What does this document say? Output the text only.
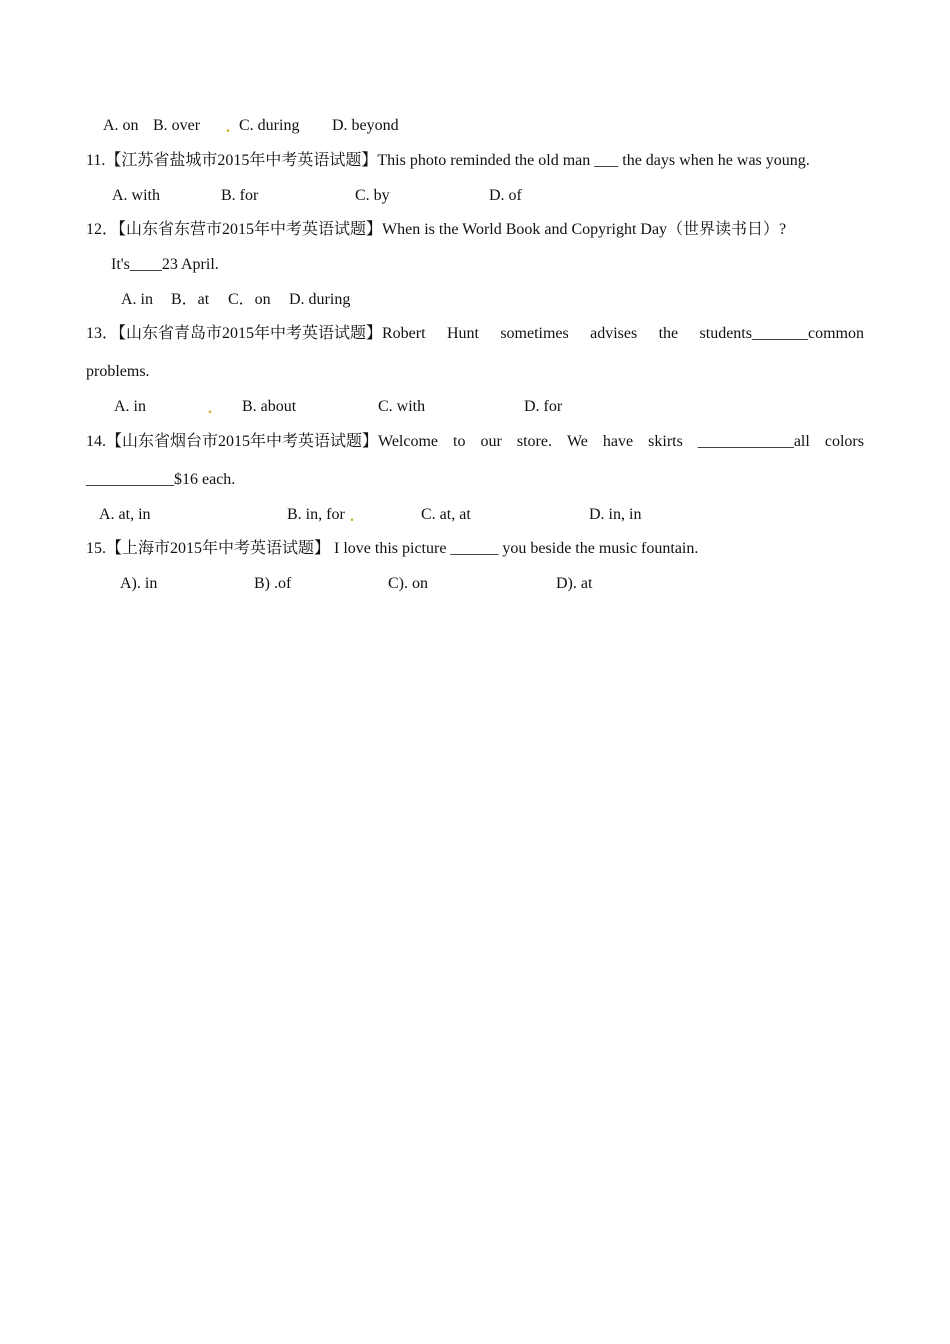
A. on B. over . C. during D. beyond
11.【江苏省盐城市2015年中考英语试题】This photo reminded the old man ___ the days when he was young.
A. with	B. for	C. by	D. of
12．【山东省东营市2015年中考英语试题】When is the World Book and Copyright Day（世界读书日）?
It's____23 April.
A. in B．at C．on D. during
13．【山东省青岛市2015年中考英语试题】Robert Hunt sometimes advises the students_______common
problems.
A. in	. B. about	C. with	D. for
14.【山东省烟台市2015年中考英语试题】Welcome to our store. We have skirts ____________all colors
___________$16 each.
A. at, in	B. in, for .	C. at, at	D. in, in
15.【上海市2015年中考英语试题】 I love this picture ______ you beside the music fountain.
A). in	B) .of	C). on	D). at
